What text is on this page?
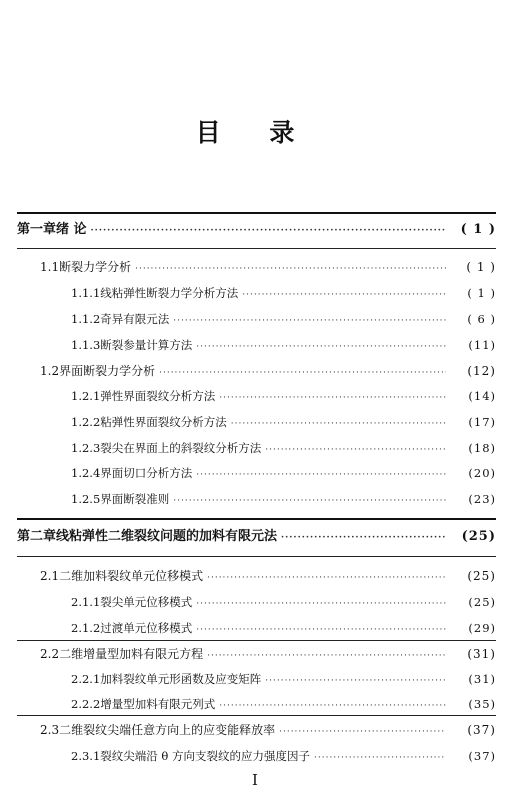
目 录
第一章 绪 论 ·····	( 1 )
1.1 断裂力学分析 ·····	( 1 )
1.1.1 线粘弹性断裂力学分析方法 ·····	( 1 )
1.1.2 奇异有限元法 ·····	( 6 )
1.1.3 断裂参量计算方法 ·····	(11)
1.2 界面断裂力学分析 ·····	(12)
1.2.1 弹性界面裂纹分析方法 ·····	(14)
1.2.2 粘弹性界面裂纹分析方法 ·····	(17)
1.2.3 裂尖在界面上的斜裂纹分析方法 ·····	(18)
1.2.4 界面切口分析方法 ·····	(20)
1.2.5 界面断裂准则 ·····	(23)
第二章 线粘弹性二维裂纹问题的加料有限元法 ·····	(25)
2.1 二维加料裂纹单元位移模式 ·····	(25)
2.1.1 裂尖单元位移模式 ·····	(25)
2.1.2 过渡单元位移模式 ·····	(29)
2.2 二维增量型加料有限元方程 ·····	(31)
2.2.1 加料裂纹单元形函数及应变矩阵 ·····	(31)
2.2.2 增量型加料有限元列式 ·····	(35)
2.3 二维裂纹尖端任意方向上的应变能释放率 ·····	(37)
2.3.1 裂纹尖端沿 θ 方向支裂纹的应力强度因子 ·····	(37)
I
